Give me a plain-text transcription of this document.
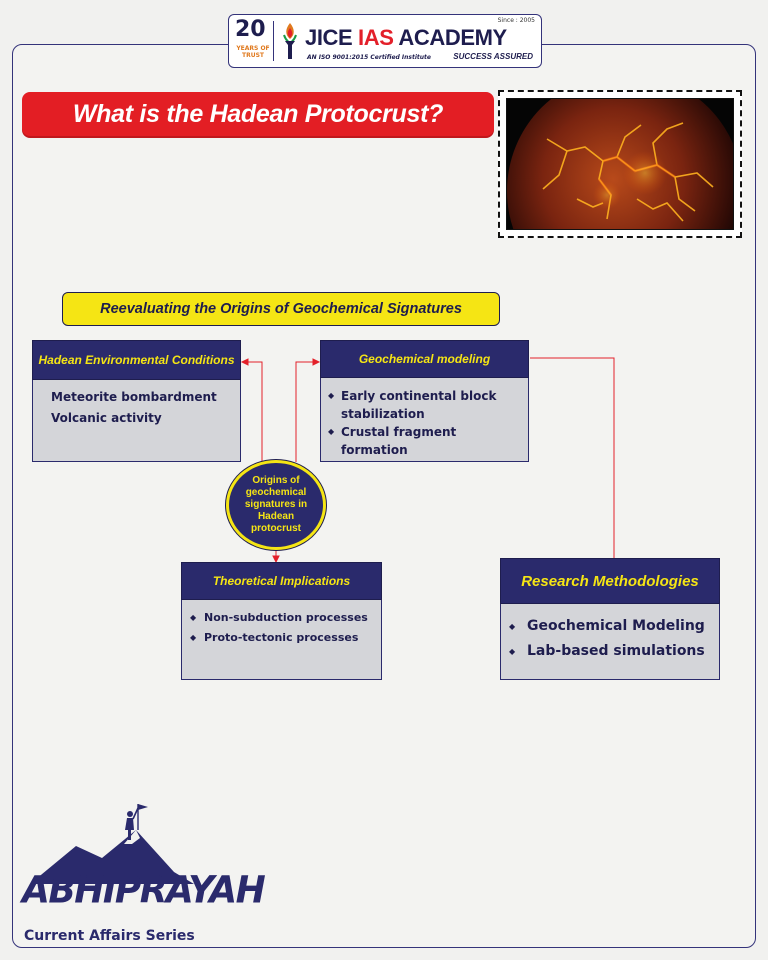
20
YEARS OF TRUST
Since : 2005
JICE IAS ACADEMY
AN ISO 9001:2015 Certified Institute	SUCCESS ASSURED
What is the Hadean Protocrust?
Reevaluating the Origins of Geochemical Signatures
Hadean Environmental Conditions
Meteorite bombardment
Volcanic activity
Geochemical modeling
◆ Early continental block stabilization
◆ Crustal fragment formation
Origins of geochemical signatures in Hadean protocrust
Theoretical Implications
◆ Non-subduction processes
◆ Proto-tectonic processes
Research Methodologies
◆ Geochemical Modeling
◆ Lab-based simulations
ABHIPRAYAH
Current Affairs Series
